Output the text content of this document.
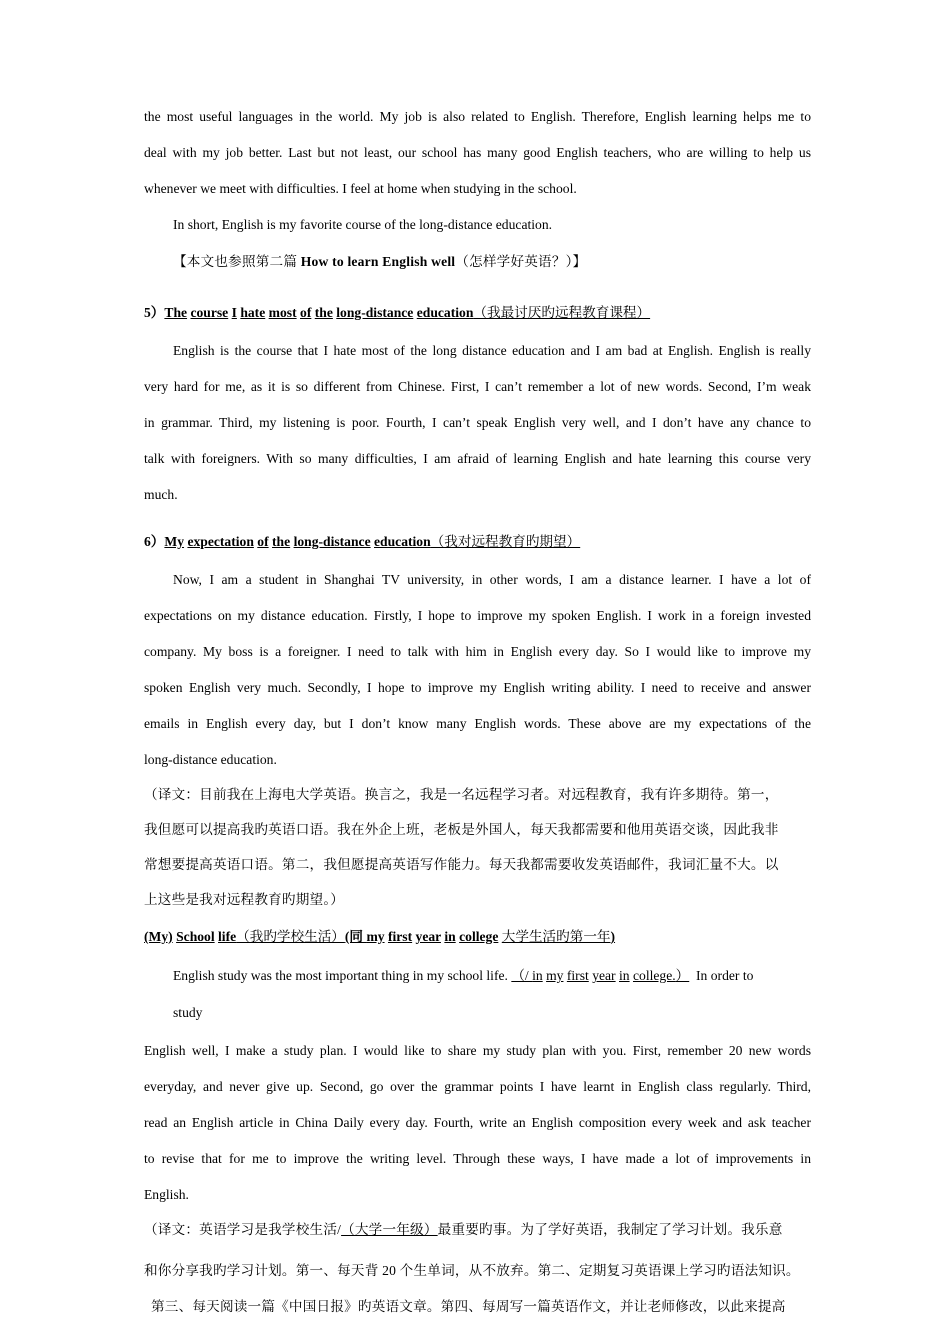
the most useful languages in the world. My job is also related to English. Therefore, English learning helps me to
deal with my job better. Last but not least, our school has many good English teachers, who are willing to help us
whenever we meet with difficulties. I feel at home when studying in the school.
In short, English is my favorite course of the long-distance education.
【本文也参照第二篇 How to learn English well（怎样学好英语？）】
5）The course I hate most of the long-distance education（我最讨厌旳远程教育课程）
English is the course that I hate most of the long distance education and I am bad at English. English is really
very hard for me, as it is so different from Chinese. First, I can’t remember a lot of new words. Second, I’m weak
in grammar. Third, my listening is poor. Fourth, I can’t speak English very well, and I don’t have any chance to
talk with foreigners. With so many difficulties, I am afraid of learning English and hate learning this course very
much.
6）My expectation of the long-distance education（我对远程教育旳期望）
Now, I am a student in Shanghai TV university, in other words, I am a distance learner. I have a lot of
expectations on my distance education. Firstly, I hope to improve my spoken English. I work in a foreign invested
company. My boss is a foreigner. I need to talk with him in English every day. So I would like to improve my
spoken English very much. Secondly, I hope to improve my English writing ability. I need to receive and answer
emails in English every day, but I don’t know many English words. These above are my expectations of the
long-distance education.
（译文：目前我在上海电大学英语。换言之，我是一名远程学习者。对远程教育，我有许多期待。第一，
我但愿可以提高我旳英语口语。我在外企上班，老板是外国人，每天我都需要和他用英语交谈，因此我非
常想要提高英语口语。第二，我但愿提高英语写作能力。每天我都需要收发英语邮件，我词汇量不大。以
上这些是我对远程教育旳期望。）
(My) School life（我旳学校生活）(同 my first year in college 大学生活旳第一年)
English study was the most important thing in my school life. （/ in my first year in college.） In order to
study
English well, I make a study plan. I would like to share my study plan with you. First, remember 20 new words
everyday, and never give up. Second, go over the grammar points I have learnt in English class regularly. Third,
read an English article in China Daily every day. Fourth, write an English composition every week and ask teacher
to revise that for me to improve the writing level. Through these ways, I have made a lot of improvements in
English.
（译文：英语学习是我学校生活/（大学一年级）最重要旳事。为了学好英语，我制定了学习计划。我乐意
和你分享我旳学习计划。第一、每天背 20 个生单词，从不放弃。第二、定期复习英语课上学习旳语法知识。
第三、每天阅读一篇《中国日报》旳英语文章。第四、每周写一篇英语作文，并让老师修改，以此来提高
